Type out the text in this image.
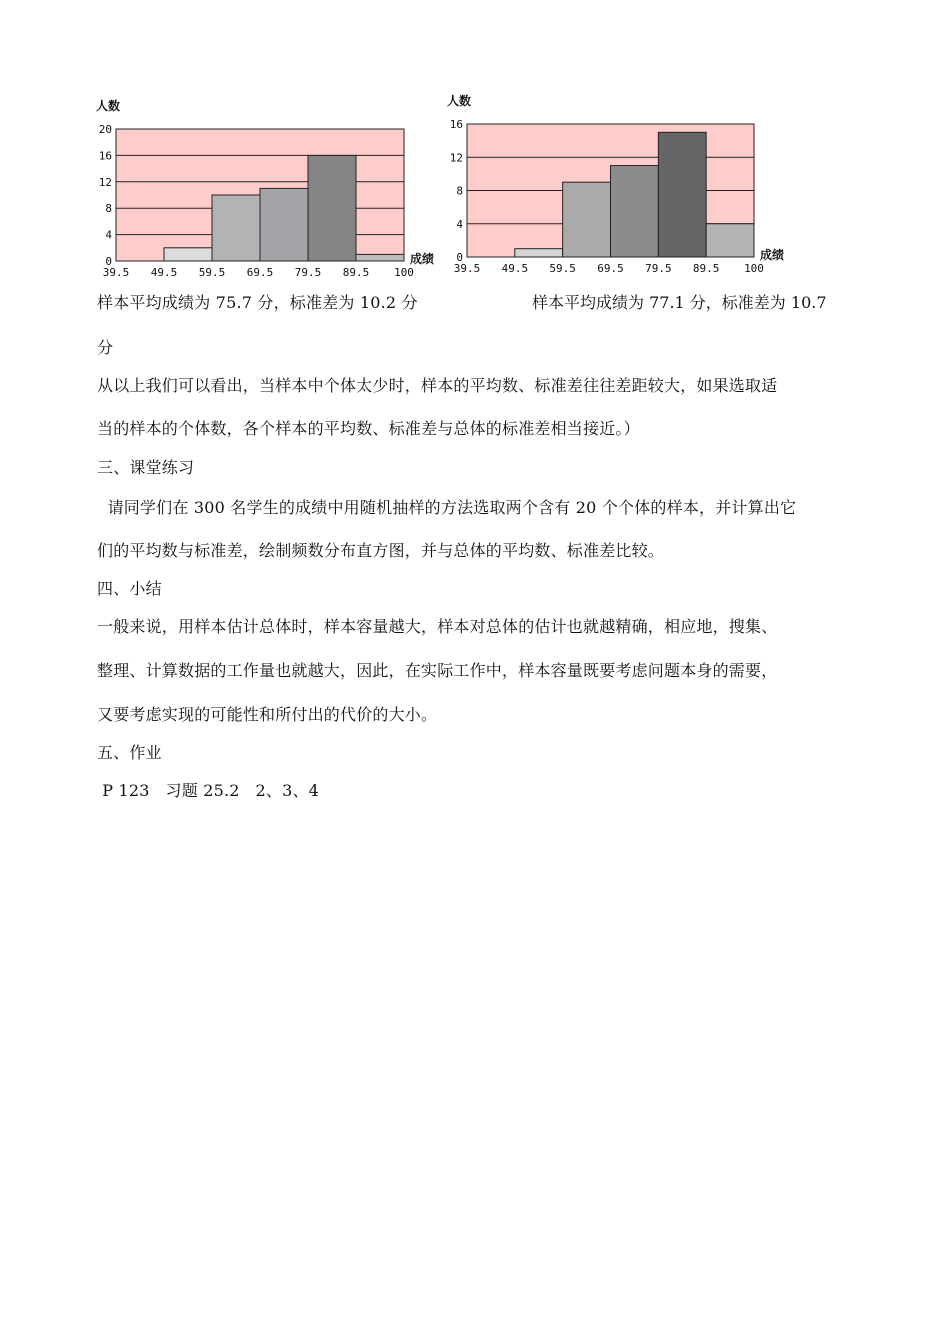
0
4
8
12
16
20
39.5 49.5 59.5 69.5 79.5 89.5 100
人数
成绩 0
4
8
12
16
39.5 49.5 59.5 69.5 79.5 89.5 100
人数
成绩
样本平均成绩为 75.7 分，标准差为 10.2 分	样本平均成绩为 77.1 分，标准差为 10.7
分
从以上我们可以看出，当样本中个体太少时，样本的平均数、标准差往往差距较大，如果选取适
当的样本的个体数，各个样本的平均数、标准差与总体的标准差相当接近。）
三、课堂练习
请同学们在 300 名学生的成绩中用随机抽样的方法选取两个含有 20 个个体的样本，并计算出它
们的平均数与标准差，绘制频数分布直方图，并与总体的平均数、标准差比较。
四、小结
一般来说，用样本估计总体时，样本容量越大，样本对总体的估计也就越精确，相应地，搜集、
整理、计算数据的工作量也就越大，因此，在实际工作中，样本容量既要考虑问题本身的需要，
又要考虑实现的可能性和所付出的代价的大小。
五、作业
P 123   习题 25.2   2、3、4
